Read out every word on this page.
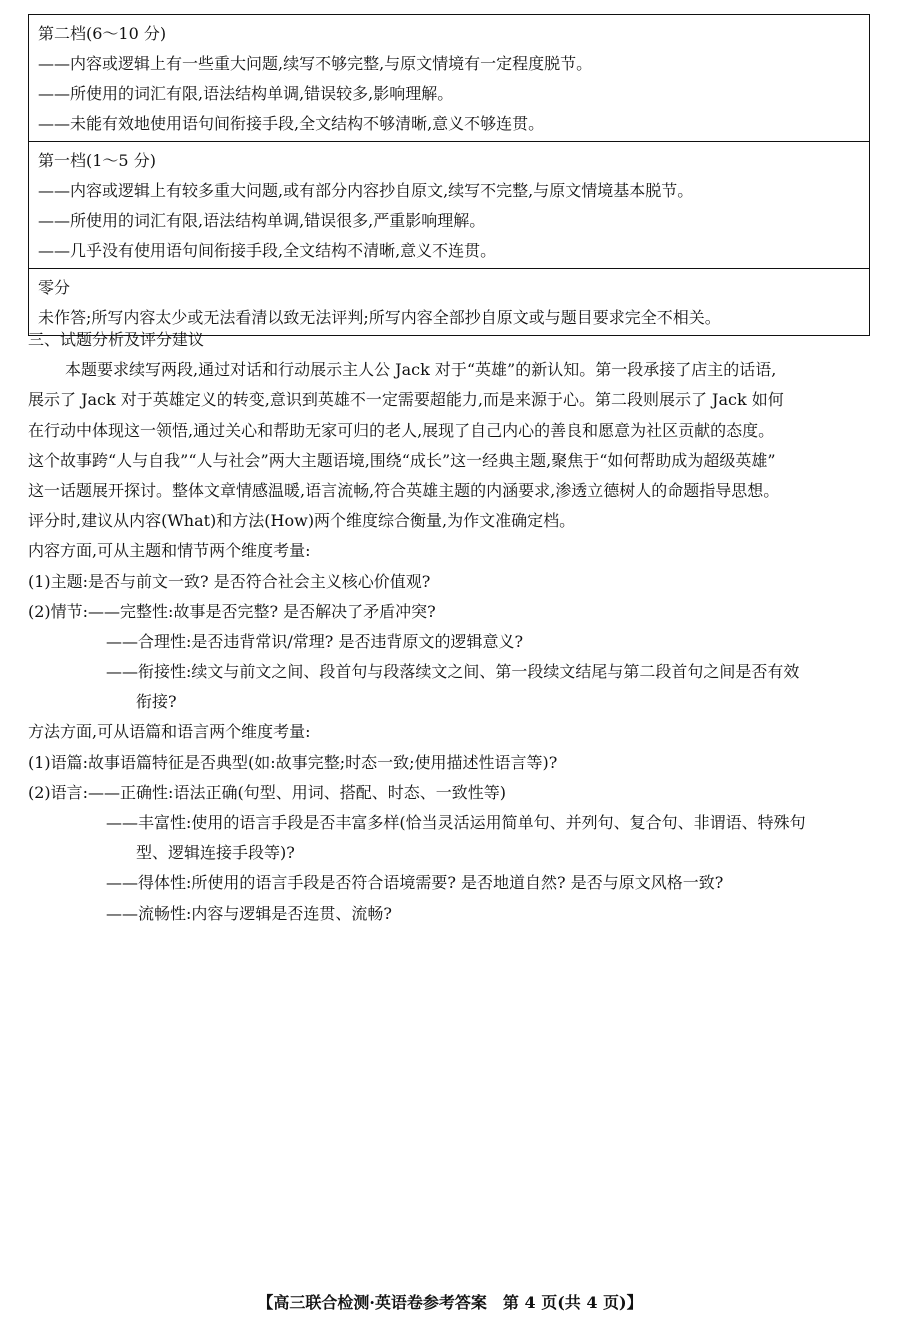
第二档(6～10 分)
——内容或逻辑上有一些重大问题,续写不够完整,与原文情境有一定程度脱节。
——所使用的词汇有限,语法结构单调,错误较多,影响理解。
——未能有效地使用语句间衔接手段,全文结构不够清晰,意义不够连贯。
第一档(1～5 分)
——内容或逻辑上有较多重大问题,或有部分内容抄自原文,续写不完整,与原文情境基本脱节。
——所使用的词汇有限,语法结构单调,错误很多,严重影响理解。
——几乎没有使用语句间衔接手段,全文结构不清晰,意义不连贯。
零分
未作答;所写内容太少或无法看清以致无法评判;所写内容全部抄自原文或与题目要求完全不相关。
三、试题分析及评分建议
本题要求续写两段,通过对话和行动展示主人公 Jack 对于“英雄”的新认知。第一段承接了店主的话语,
展示了 Jack 对于英雄定义的转变,意识到英雄不一定需要超能力,而是来源于心。第二段则展示了 Jack 如何
在行动中体现这一领悟,通过关心和帮助无家可归的老人,展现了自己内心的善良和愿意为社区贡献的态度。
这个故事跨“人与自我”“人与社会”两大主题语境,围绕“成长”这一经典主题,聚焦于“如何帮助成为超级英雄”
这一话题展开探讨。整体文章情感温暖,语言流畅,符合英雄主题的内涵要求,渗透立德树人的命题指导思想。
评分时,建议从内容(What)和方法(How)两个维度综合衡量,为作文准确定档。
内容方面,可从主题和情节两个维度考量:
(1)主题:是否与前文一致? 是否符合社会主义核心价值观?
(2)情节:——完整性:故事是否完整? 是否解决了矛盾冲突?
——合理性:是否违背常识/常理? 是否违背原文的逻辑意义?
——衔接性:续文与前文之间、段首句与段落续文之间、第一段续文结尾与第二段首句之间是否有效
衔接?
方法方面,可从语篇和语言两个维度考量:
(1)语篇:故事语篇特征是否典型(如:故事完整;时态一致;使用描述性语言等)?
(2)语言:——正确性:语法正确(句型、用词、搭配、时态、一致性等)
——丰富性:使用的语言手段是否丰富多样(恰当灵活运用简单句、并列句、复合句、非谓语、特殊句
型、逻辑连接手段等)?
——得体性:所使用的语言手段是否符合语境需要? 是否地道自然? 是否与原文风格一致?
——流畅性:内容与逻辑是否连贯、流畅?
【高三联合检测·英语卷参考答案　第 4 页(共 4 页)】
